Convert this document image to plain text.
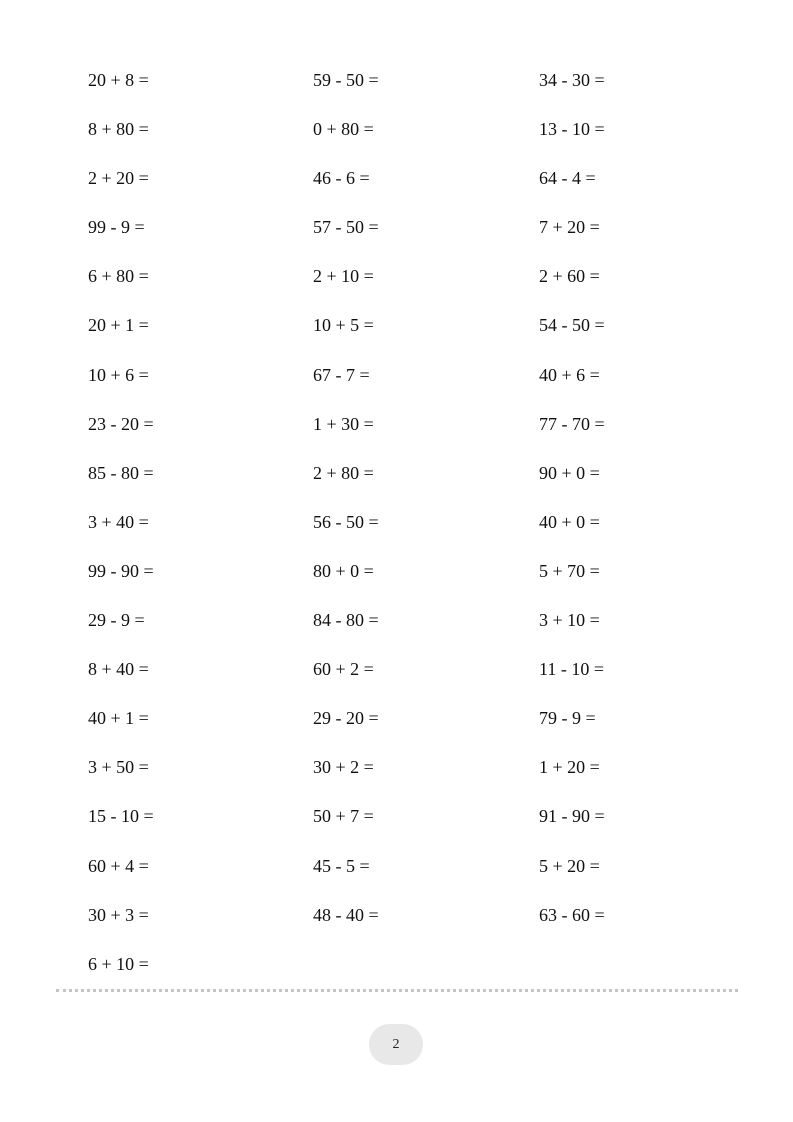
20 + 8 =
8 + 80 =
2 + 20 =
99 - 9 =
6 + 80 =
20 + 1 =
10 + 6 =
23 - 20 =
85 - 80 =
3 + 40 =
99 - 90 =
29 - 9 =
8 + 40 =
40 + 1 =
3 + 50 =
15 - 10 =
60 + 4 =
30 + 3 =
6 + 10 =
59 - 50 =
0 + 80 =
46 - 6 =
57 - 50 =
2 + 10 =
10 + 5 =
67 - 7 =
1 + 30 =
2 + 80 =
56 - 50 =
80 + 0 =
84 - 80 =
60 + 2 =
29 - 20 =
30 + 2 =
50 + 7 =
45 - 5 =
48 - 40 =
34 - 30 =
13 - 10 =
64 - 4 =
7 + 20 =
2 + 60 =
54 - 50 =
40 + 6 =
77 - 70 =
90 + 0 =
40 + 0 =
5 + 70 =
3 + 10 =
11 - 10 =
79 - 9 =
1 + 20 =
91 - 90 =
5 + 20 =
63 - 60 =
2
